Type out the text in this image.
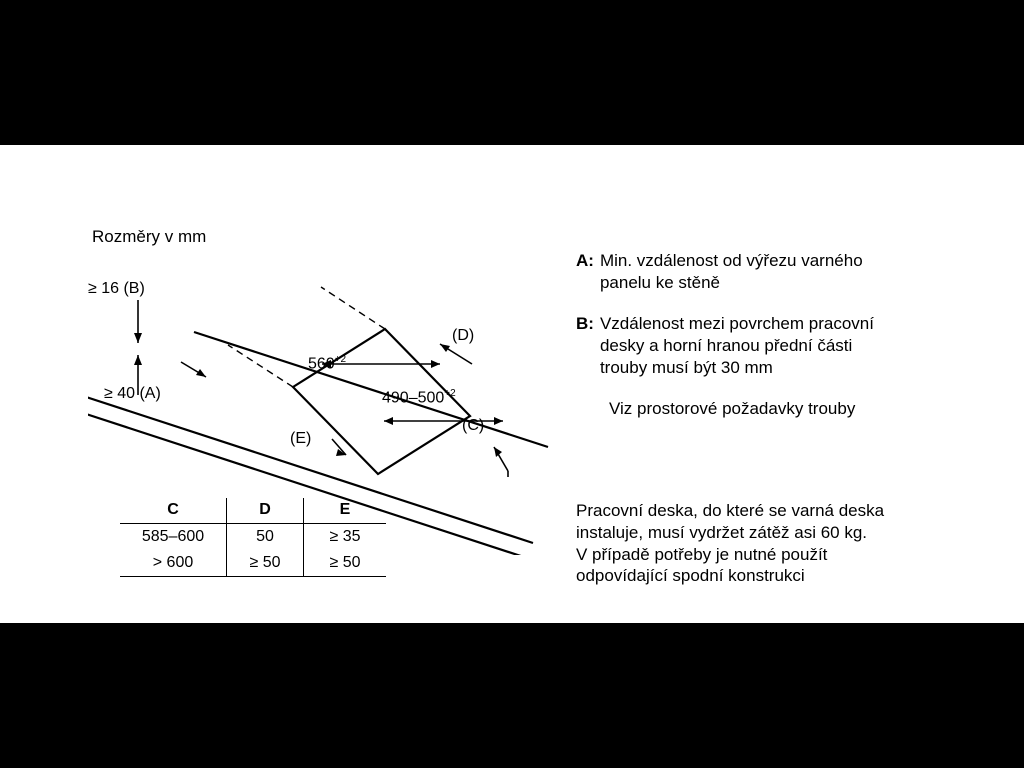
Rozměry v mm
≥ 16 (B)
≥ 40 (A)
(D)
(C)
(E)
$560^{+2}$
$490-500^{+2}$
C	D	E
585–600	50	≥ 35
> 600	≥ 50	≥ 50
A: Min. vzdálenost od výřezu varného
panelu ke stěně
B: Vzdálenost mezi povrchem pracovní
desky a horní hranou přední části
trouby musí být 30 mm
Viz prostorové požadavky trouby
Pracovní deska, do které se varná deska
instaluje, musí vydržet zátěž asi 60 kg.
V případě potřeby je nutné použít
odpovídající spodní konstrukci
